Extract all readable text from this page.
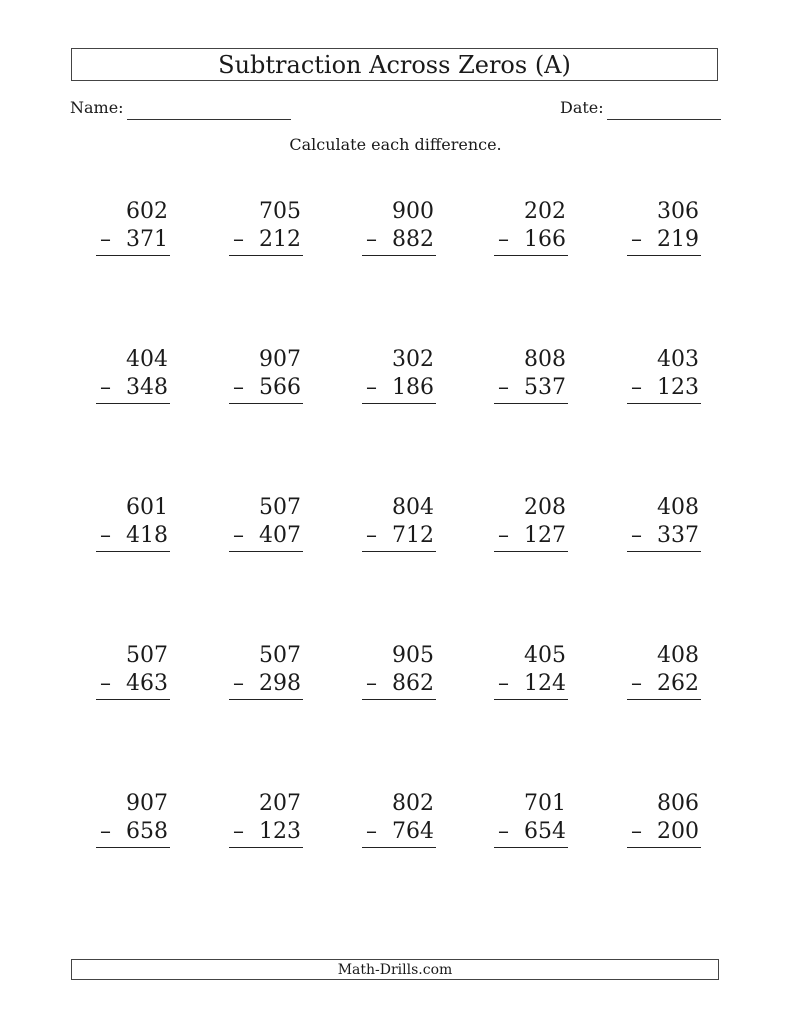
Subtraction Across Zeros (A)
Name:	Date:
Calculate each difference.
602
– 371
705
– 212
900
– 882
202
– 166
306
– 219
404
– 348
907
– 566
302
– 186
808
– 537
403
– 123
601
– 418
507
– 407
804
– 712
208
– 127
408
– 337
507
– 463
507
– 298
905
– 862
405
– 124
408
– 262
907
– 658
207
– 123
802
– 764
701
– 654
806
– 200
Math-Drills.com
